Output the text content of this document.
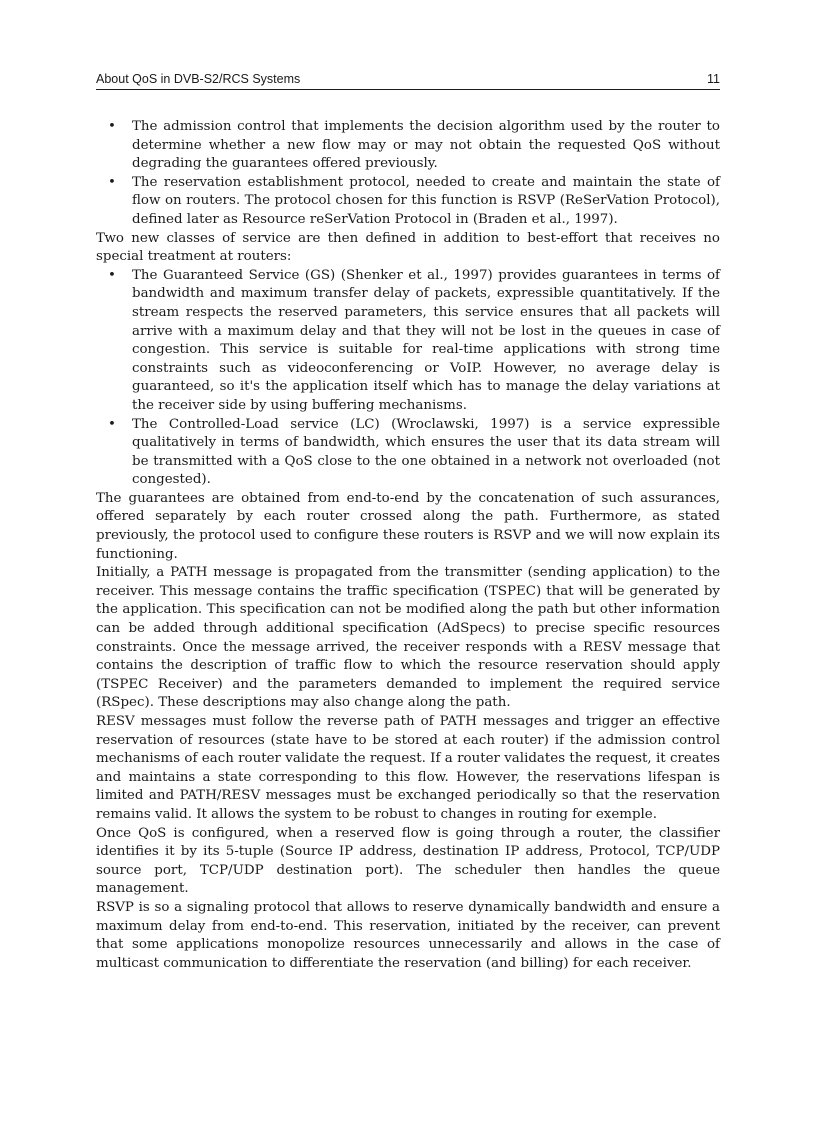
About QoS in DVB-S2/RCS Systems	11
• The admission control that implements the decision algorithm used by the router to determine whether a new flow may or may not obtain the requested QoS without degrading the guarantees offered previously.
• The reservation establishment protocol, needed to create and maintain the state of flow on routers. The protocol chosen for this function is RSVP (ReSerVation Protocol), defined later as Resource reSerVation Protocol in (Braden et al., 1997).

Two new classes of service are then defined in addition to best-effort that receives no special treatment at routers:

• The Guaranteed Service (GS) (Shenker et al., 1997) provides guarantees in terms of bandwidth and maximum transfer delay of packets, expressible quantitatively. If the stream respects the reserved parameters, this service ensures that all packets will arrive with a maximum delay and that they will not be lost in the queues in case of congestion. This service is suitable for real-time applications with strong time constraints such as videoconferencing or VoIP. However, no average delay is guaranteed, so it's the application itself which has to manage the delay variations at the receiver side by using buffering mechanisms.
• The Controlled-Load service (LC) (Wroclawski, 1997) is a service expressible qualitatively in terms of bandwidth, which ensures the user that its data stream will be transmitted with a QoS close to the one obtained in a network not overloaded (not congested).

The guarantees are obtained from end-to-end by the concatenation of such assurances, offered separately by each router crossed along the path. Furthermore, as stated previously, the protocol used to configure these routers is RSVP and we will now explain its functioning.

Initially, a PATH message is propagated from the transmitter (sending application) to the receiver. This message contains the traffic specification (TSPEC) that will be generated by the application. This specification can not be modified along the path but other information can be added through additional specification (AdSpecs) to precise specific resources constraints. Once the message arrived, the receiver responds with a RESV message that contains the description of traffic flow to which the resource reservation should apply (TSPEC Receiver) and the parameters demanded to implement the required service (RSpec). These descriptions may also change along the path.

RESV messages must follow the reverse path of PATH messages and trigger an effective reservation of resources (state have to be stored at each router) if the admission control mechanisms of each router validate the request. If a router validates the request, it creates and maintains a state corresponding to this flow. However, the reservations lifespan is limited and PATH/RESV messages must be exchanged periodically so that the reservation remains valid. It allows the system to be robust to changes in routing for exemple.

Once QoS is configured, when a reserved flow is going through a router, the classifier identifies it by its 5-tuple (Source IP address, destination IP address, Protocol, TCP/UDP source port, TCP/UDP destination port). The scheduler then handles the queue management.

RSVP is so a signaling protocol that allows to reserve dynamically bandwidth and ensure a maximum delay from end-to-end. This reservation, initiated by the receiver, can prevent that some applications monopolize resources unnecessarily and allows in the case of multicast communication to differentiate the reservation (and billing) for each receiver.
